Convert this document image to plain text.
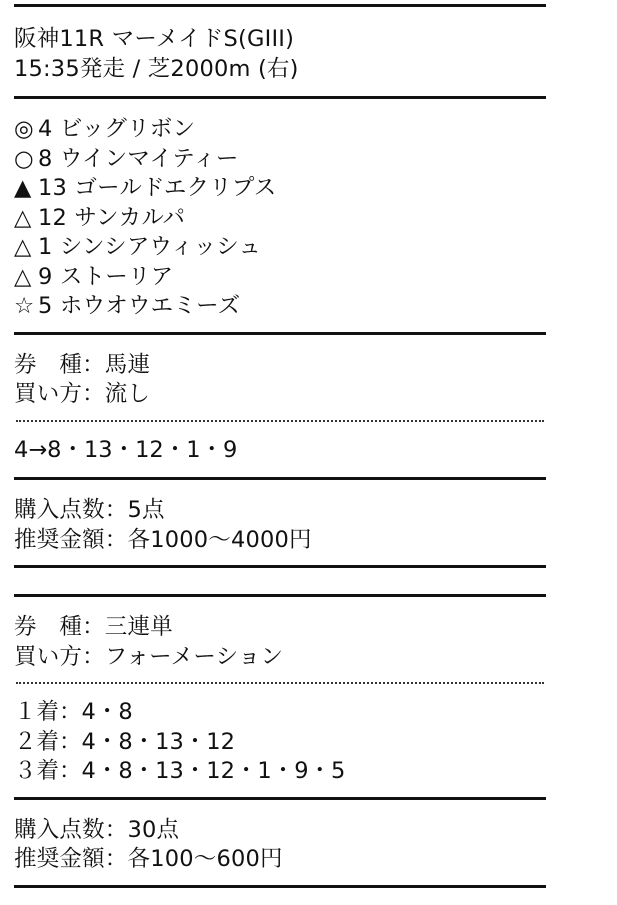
阪神11R マーメイドS(GIII)
15:35発走 / 芝2000m (右)
◎ 4 ビッグリボン
○ 8 ウインマイティー
▲ 13 ゴールドエクリプス
△ 12 サンカルパ
△ 1 シンシアウィッシュ
△ 9 ストーリア
☆ 5 ホウオウエミーズ
券　種：馬連
買い方：流し
4→8・13・12・1・9
購入点数：5点
推奨金額：各1000～4000円
券　種：三連単
買い方：フォーメーション
１着：4・8
２着：4・8・13・12
３着：4・8・13・12・1・9・5
購入点数：30点
推奨金額：各100～600円
